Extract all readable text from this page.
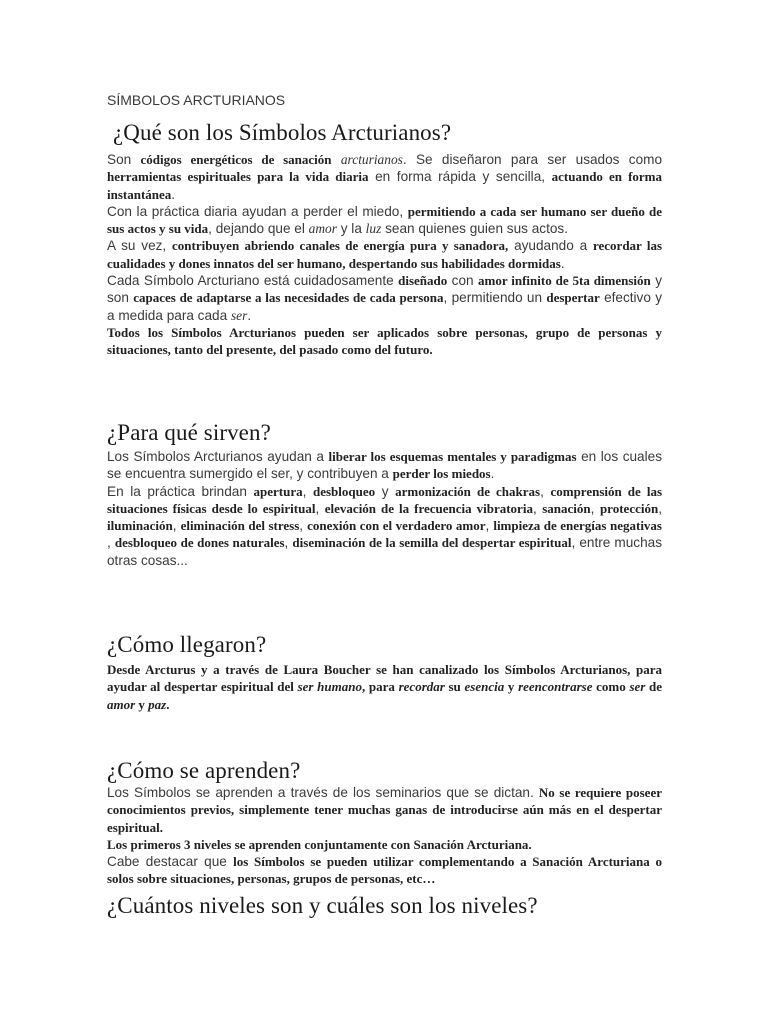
SÍMBOLOS ARCTURIANOS
¿Qué son los Símbolos Arcturianos?

Son códigos energéticos de sanación arcturianos. Se diseñaron para ser usados como herramientas espirituales para la vida diaria en forma rápida y sencilla, actuando en forma instantánea.

Con la práctica diaria ayudan a perder el miedo, permitiendo a cada ser humano ser dueño de sus actos y su vida, dejando que el amor y la luz sean quienes guien sus actos.

A su vez, contribuyen abriendo canales de energía pura y sanadora, ayudando a recordar las cualidades y dones innatos del ser humano, despertando sus habilidades dormidas.

Cada Símbolo Arcturiano está cuidadosamente diseñado con amor infinito de 5ta dimensión y son capaces de adaptarse a las necesidades de cada persona, permitiendo un despertar efectivo y a medida para cada ser.

Todos los Símbolos Arcturianos pueden ser aplicados sobre personas, grupo de personas y situaciones, tanto del presente, del pasado como del futuro.

¿Para qué sirven?

Los Símbolos Arcturianos ayudan a liberar los esquemas mentales y paradigmas en los cuales se encuentra sumergido el ser, y contribuyen a perder los miedos.

En la práctica brindan apertura, desbloqueo y armonización de chakras, comprensión de las situaciones físicas desde lo espiritual, elevación de la frecuencia vibratoria, sanación, protección, iluminación, eliminación del stress, conexión con el verdadero amor, limpieza de energías negativas , desbloqueo de dones naturales, diseminación de la semilla del despertar espiritual, entre muchas otras cosas...

¿Cómo llegaron?

Desde Arcturus y a través de Laura Boucher se han canalizado los Símbolos Arcturianos, para ayudar al despertar espiritual del ser humano, para recordar su esencia y reencontrarse como ser de amor y paz.

¿Cómo se aprenden?

Los Símbolos se aprenden a través de los seminarios que se dictan. No se requiere poseer conocimientos previos, simplemente tener muchas ganas de introducirse aún más en el despertar espiritual.

Los primeros 3 niveles se aprenden conjuntamente con Sanación Arcturiana.

Cabe destacar que los Símbolos se pueden utilizar complementando a Sanación Arcturiana o solos sobre situaciones, personas, grupos de personas, etc…

¿Cuántos niveles son y cuáles son los niveles?
